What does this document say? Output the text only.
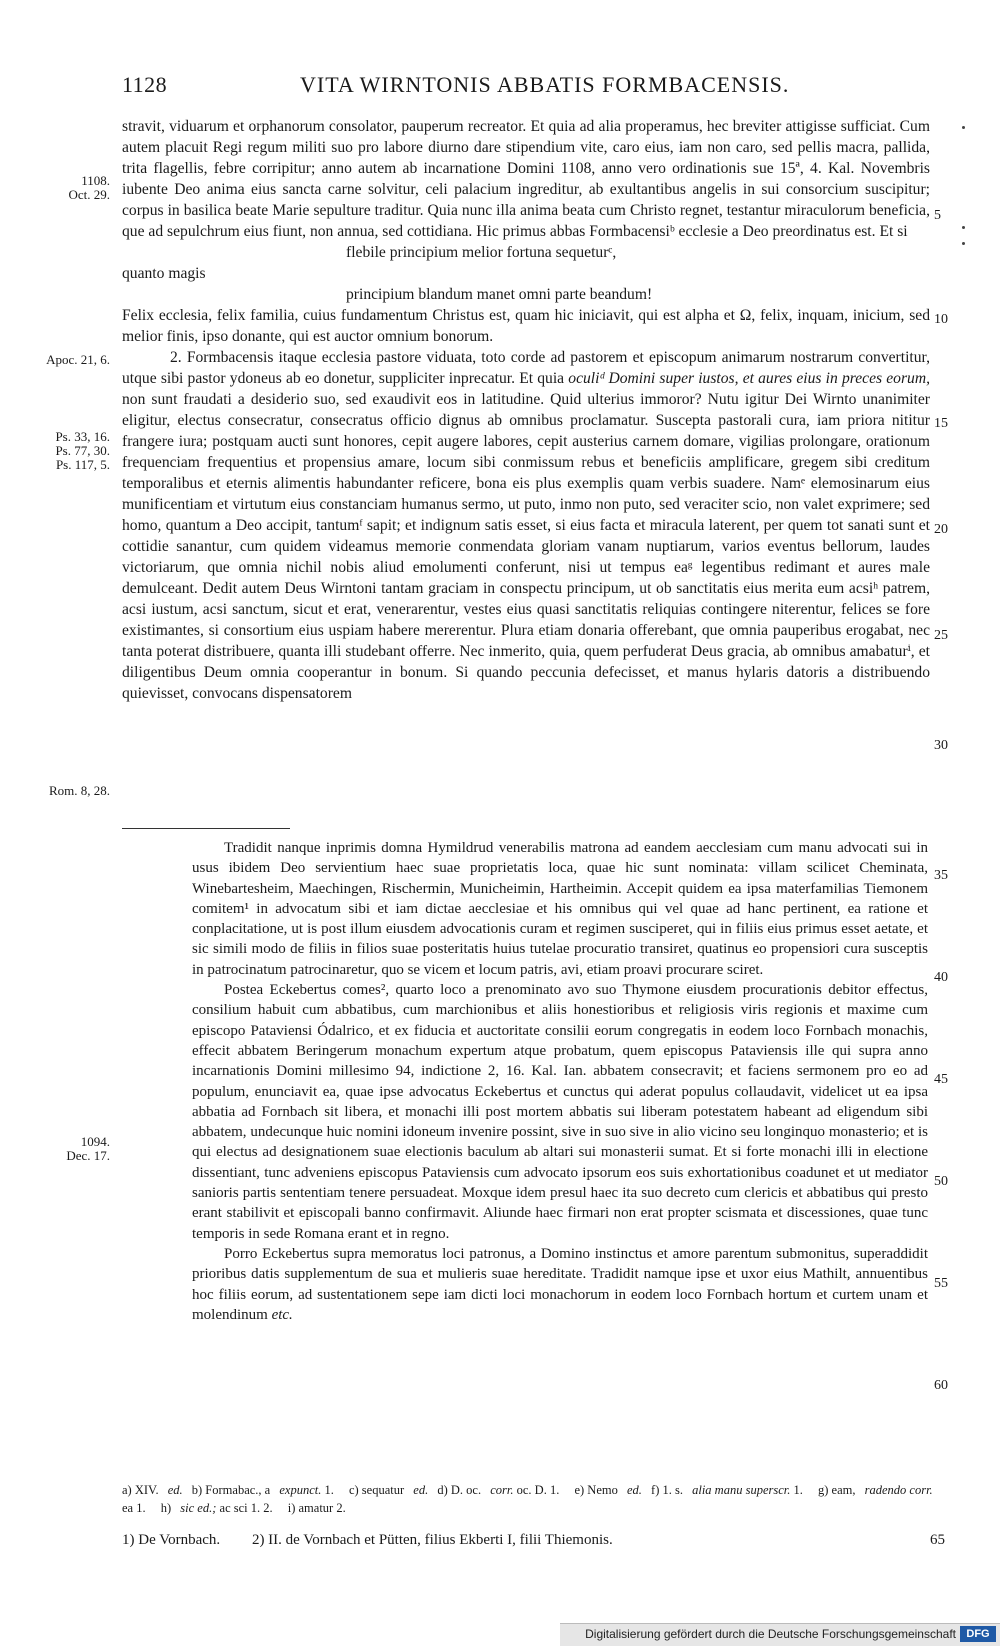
1128	VITA WIRNTONIS ABBATIS FORMBACENSIS.
1108.
Oct. 29.
Apoc. 21, 6.
Ps. 33, 16.
Ps. 77, 30.
Ps. 117, 5.
Rom. 8, 28.
1094.
Dec. 17.
5
10
15
20
25
30
35
40
45
50
55
60

stravit, viduarum et orphanorum consolator, pauperum recreator. Et quia ad alia properamus, hec breviter attigisse sufficiat. Cum autem placuit Regi regum militi suo pro labore diurno dare stipendium vite, caro eius, iam non caro, sed pellis macra, pallida, trita flagellis, febre corripitur; anno autem ab incarnatione Domini 1108, anno vero ordinationis sue 15ª, 4. Kal. Novembris iubente Deo anima eius sancta carne solvitur, celi palacium ingreditur, ab exultantibus angelis in sui consorcium suscipitur; corpus in basilica beate Marie sepulture traditur. Quia nunc illa anima beata cum Christo regnet, testantur miraculorum beneficia, que ad sepulchrum eius fiunt, non annua, sed cottidiana. Hic primus abbas Formbacensiᵇ ecclesie a Deo preordinatus est. Et si

flebile principium melior fortuna sequeturᶜ,

quanto magis

principium blandum manet omni parte beandum!

Felix ecclesia, felix familia, cuius fundamentum Christus est, quam hic iniciavit, qui est alpha et Ω, felix, inquam, inicium, sed melior finis, ipso donante, qui est auctor omnium bonorum.

2. Formbacensis itaque ecclesia pastore viduata, toto corde ad pastorem et episcopum animarum nostrarum convertitur, utque sibi pastor ydoneus ab eo donetur, suppliciter inprecatur. Et quia oculiᵈ Domini super iustos, et aures eius in preces eorum, non sunt fraudati a desiderio suo, sed exaudivit eos in latitudine. Quid ulterius immoror? Nutu igitur Dei Wirnto unanimiter eligitur, electus consecratur, consecratus officio dignus ab omnibus proclamatur. Suscepta pastorali cura, iam priora nititur frangere iura; postquam aucti sunt honores, cepit augere labores, cepit austerius carnem domare, vigilias prolongare, orationum frequenciam frequentius et propensius amare, locum sibi conmissum rebus et beneficiis amplificare, gregem sibi creditum temporalibus et eternis alimentis habundanter reficere, bona eis plus exemplis quam verbis suadere. Namᵉ elemosinarum eius munificentiam et virtutum eius constanciam humanus sermo, ut puto, inmo non puto, sed veraciter scio, non valet exprimere; sed homo, quantum a Deo accipit, tantumᶠ sapit; et indignum satis esset, si eius facta et miracula laterent, per quem tot sanati sunt et cottidie sanantur, cum quidem videamus memorie conmendata gloriam vanam nuptiarum, varios eventus bellorum, laudes victoriarum, que omnia nichil nobis aliud emolumenti conferunt, nisi ut tempus eaᵍ legentibus redimant et aures male demulceant. Dedit autem Deus Wirntoni tantam graciam in conspectu principum, ut ob sanctitatis eius merita eum acsiʰ patrem, acsi iustum, acsi sanctum, sicut et erat, venerarentur, vestes eius quasi sanctitatis reliquias contingere niterentur, felices se fore existimantes, si consortium eius uspiam habere mererentur. Plura etiam donaria offerebant, que omnia pauperibus erogabat, nec tanta poterat distribuere, quanta illi studebant offerre. Nec inmerito, quia, quem perfuderat Deus gracia, ab omnibus amabaturⁱ, et diligentibus Deum omnia cooperantur in bonum. Si quando peccunia defecisset, et manus hylaris datoris a distribuendo quievisset, convocans dispensatorem

Tradidit nanque inprimis domna Hymildrud venerabilis matrona ad eandem aecclesiam cum manu advocati sui in usus ibidem Deo servientium haec suae proprietatis loca, quae hic sunt nominata: villam scilicet Cheminata, Winebartesheim, Maechingen, Rischermin, Municheimin, Hartheimin. Accepit quidem ea ipsa materfamilias Tiemonem comitem¹ in advocatum sibi et iam dictae aecclesiae et his omnibus qui vel quae ad hanc pertinent, ea ratione et conplacitatione, ut is post illum eiusdem advocationis curam et regimen susciperet, qui in filiis eius primus esset aetate, et sic simili modo de filiis in filios suae posteritatis huius tutelae procuratio transiret, quatinus eo propensiori cura susceptis in patrocinatum patrocinaretur, quo se vicem et locum patris, avi, etiam proavi procurare sciret.

Postea Eckebertus comes², quarto loco a prenominato avo suo Thymone eiusdem procurationis debitor effectus, consilium habuit cum abbatibus, cum marchionibus et aliis honestioribus et religiosis viris regionis et maxime cum episcopo Pataviensi Ódalrico, et ex fiducia et auctoritate consilii eorum congregatis in eodem loco Fornbach monachis, effecit abbatem Beringerum monachum expertum atque probatum, quem episcopus Pataviensis ille qui supra anno incarnationis Domini millesimo 94, indictione 2, 16. Kal. Ian. abbatem consecravit; et faciens sermonem pro eo ad populum, enunciavit ea, quae ipse advocatus Eckebertus et cunctus qui aderat populus collaudavit, videlicet ut ea ipsa abbatia ad Fornbach sit libera, et monachi illi post mortem abbatis sui liberam potestatem habeant ad eligendum sibi abbatem, undecunque huic nomini idoneum invenire possint, sive in suo sive in alio vicino seu longinquo monasterio; et is qui electus ad designationem suae electionis baculum ab altari sui monasterii sumat. Et si forte monachi illi in electione dissentiant, tunc adveniens episcopus Pataviensis cum advocato ipsorum eos suis exhortationibus coadunet et ut mediator sanioris partis sententiam tenere persuadeat. Moxque idem presul haec ita suo decreto cum clericis et abbatibus qui presto erant stabilivit et episcopali banno confirmavit. Aliunde haec firmari non erat propter scismata et discessiones, quae tunc temporis in sede Romana erant et in regno.

Porro Eckebertus supra memoratus loci patronus, a Domino instinctus et amore parentum submonitus, superaddidit prioribus datis supplementum de sua et mulieris suae hereditate. Tradidit namque ipse et uxor eius Mathilt, annuentibus hoc filiis eorum, ad sustentationem sepe iam dicti loci monachorum in eodem loco Fornbach hortum et curtem unam et molendinum etc.

a) XIV. ed. b) Formabac., a expunct. 1. c) sequatur ed. d) D. oc. corr. oc. D. 1. e) Nemo ed. f) 1. s. alia manu superscr. 1. g) eam, radendo corr. ea 1. h) sic ed.; ac sci 1. 2. i) amatur 2.
1) De Vornbach. 2) II. de Vornbach et Pütten, filius Ekberti I, filii Thiemonis.	65
Digitalisierung gefördert durch die Deutsche Forschungsgemeinschaft DFG
